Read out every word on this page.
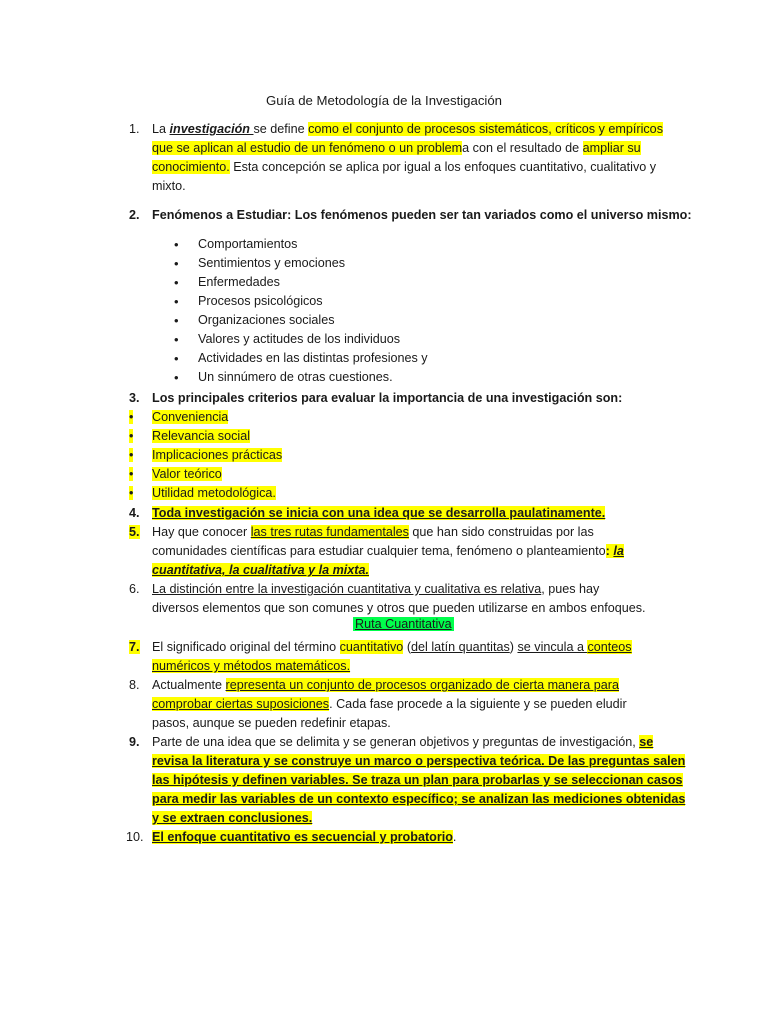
Guía de Metodología de la Investigación
1. La investigación se define como el conjunto de procesos sistemáticos, críticos y empíricos
que se aplican al estudio de un fenómeno o un problema con el resultado de ampliar su
conocimiento. Esta concepción se aplica por igual a los enfoques cuantitativo, cualitativo y
mixto.
2. Fenómenos a Estudiar: Los fenómenos pueden ser tan variados como el universo mismo:
• Comportamientos
• Sentimientos y emociones
• Enfermedades
• Procesos psicológicos
• Organizaciones sociales
• Valores y actitudes de los individuos
• Actividades en las distintas profesiones y
• Un sinnúmero de otras cuestiones.
3. Los principales criterios para evaluar la importancia de una investigación son:
• Conveniencia
• Relevancia social
• Implicaciones prácticas
• Valor teórico
• Utilidad metodológica.
4. Toda investigación se inicia con una idea que se desarrolla paulatinamente.
5. Hay que conocer las tres rutas fundamentales que han sido construidas por las
comunidades científicas para estudiar cualquier tema, fenómeno o planteamiento: la
cuantitativa, la cualitativa y la mixta.
6. La distinción entre la investigación cuantitativa y cualitativa es relativa, pues hay
diversos elementos que son comunes y otros que pueden utilizarse en ambos enfoques.
Ruta Cuantitativa
7. El significado original del término cuantitativo (del latín quantitas) se vincula a conteos
numéricos y métodos matemáticos.
8. Actualmente representa un conjunto de procesos organizado de cierta manera para
comprobar ciertas suposiciones. Cada fase procede a la siguiente y se pueden eludir
pasos, aunque se pueden redefinir etapas.
9. Parte de una idea que se delimita y se generan objetivos y preguntas de investigación, se
revisa la literatura y se construye un marco o perspectiva teórica. De las preguntas salen
las hipótesis y definen variables. Se traza un plan para probarlas y se seleccionan casos
para medir las variables de un contexto específico; se analizan las mediciones obtenidas
y se extraen conclusiones.
10. El enfoque cuantitativo es secuencial y probatorio.
